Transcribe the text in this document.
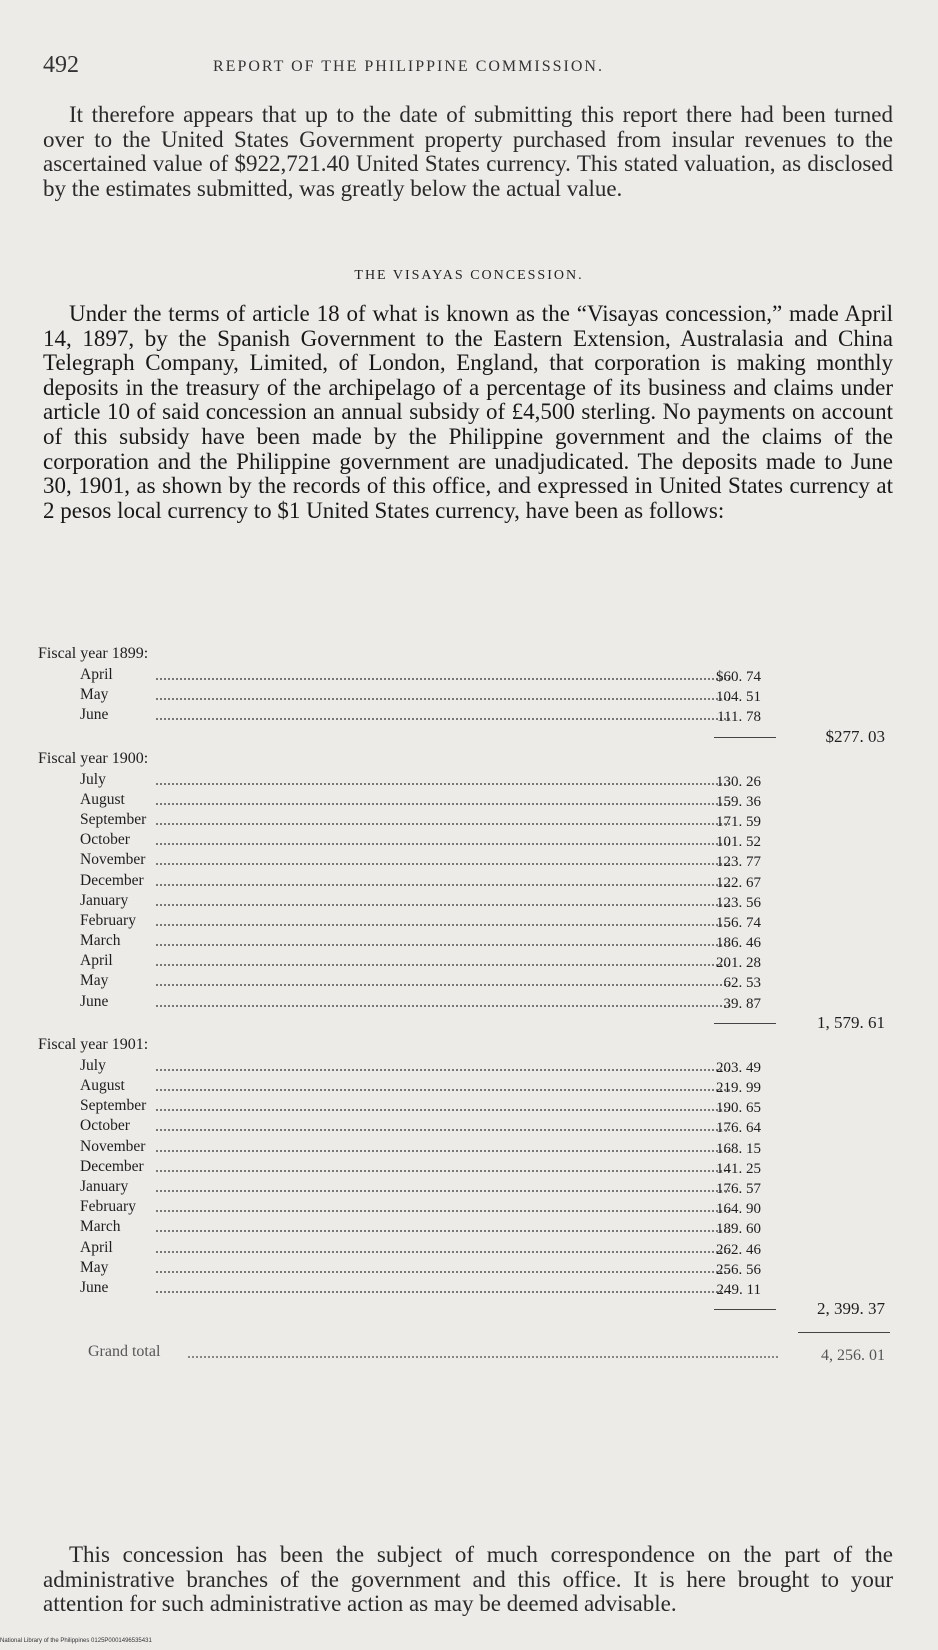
492	REPORT OF THE PHILIPPINE COMMISSION.

It therefore appears that up to the date of submitting this report there had been turned over to the United States Government property purchased from insular revenues to the ascertained value of $922,721.40 United States currency. This stated valuation, as disclosed by the estimates submitted, was greatly below the actual value.

THE VISAYAS CONCESSION.

Under the terms of article 18 of what is known as the “Visayas concession,” made April 14, 1897, by the Spanish Government to the Eastern Extension, Australasia and China Telegraph Company, Limited, of London, England, that corporation is making monthly deposits in the treasury of the archipelago of a percentage of its business and claims under article 10 of said concession an annual subsidy of £4,500 sterling. No payments on account of this subsidy have been made by the Philippine government and the claims of the corporation and the Philippine government are unadjudicated. The deposits made to June 30, 1901, as shown by the records of this office, and expressed in United States currency at 2 pesos local currency to $1 United States currency, have been as follows:

Fiscal year 1899:
April	$60. 74
May	104. 51
June	111. 78
$277. 03
Fiscal year 1900:
July	130. 26
August	159. 36
September	171. 59
October	101. 52
November	123. 77
December	122. 67
January	123. 56
February	156. 74
March	186. 46
April	201. 28
May	62. 53
June	39. 87
1, 579. 61
Fiscal year 1901:
July	203. 49
August	219. 99
September	190. 65
October	176. 64
November	168. 15
December	141. 25
January	176. 57
February	164. 90
March	189. 60
April	262. 46
May	256. 56
June	249. 11
2, 399. 37
Grand total	4, 256. 01

This concession has been the subject of much correspondence on the part of the administrative branches of the government and this office. It is here brought to your attention for such administrative action as may be deemed advisable.

National Library of the Philippines 0125P0001496535431
